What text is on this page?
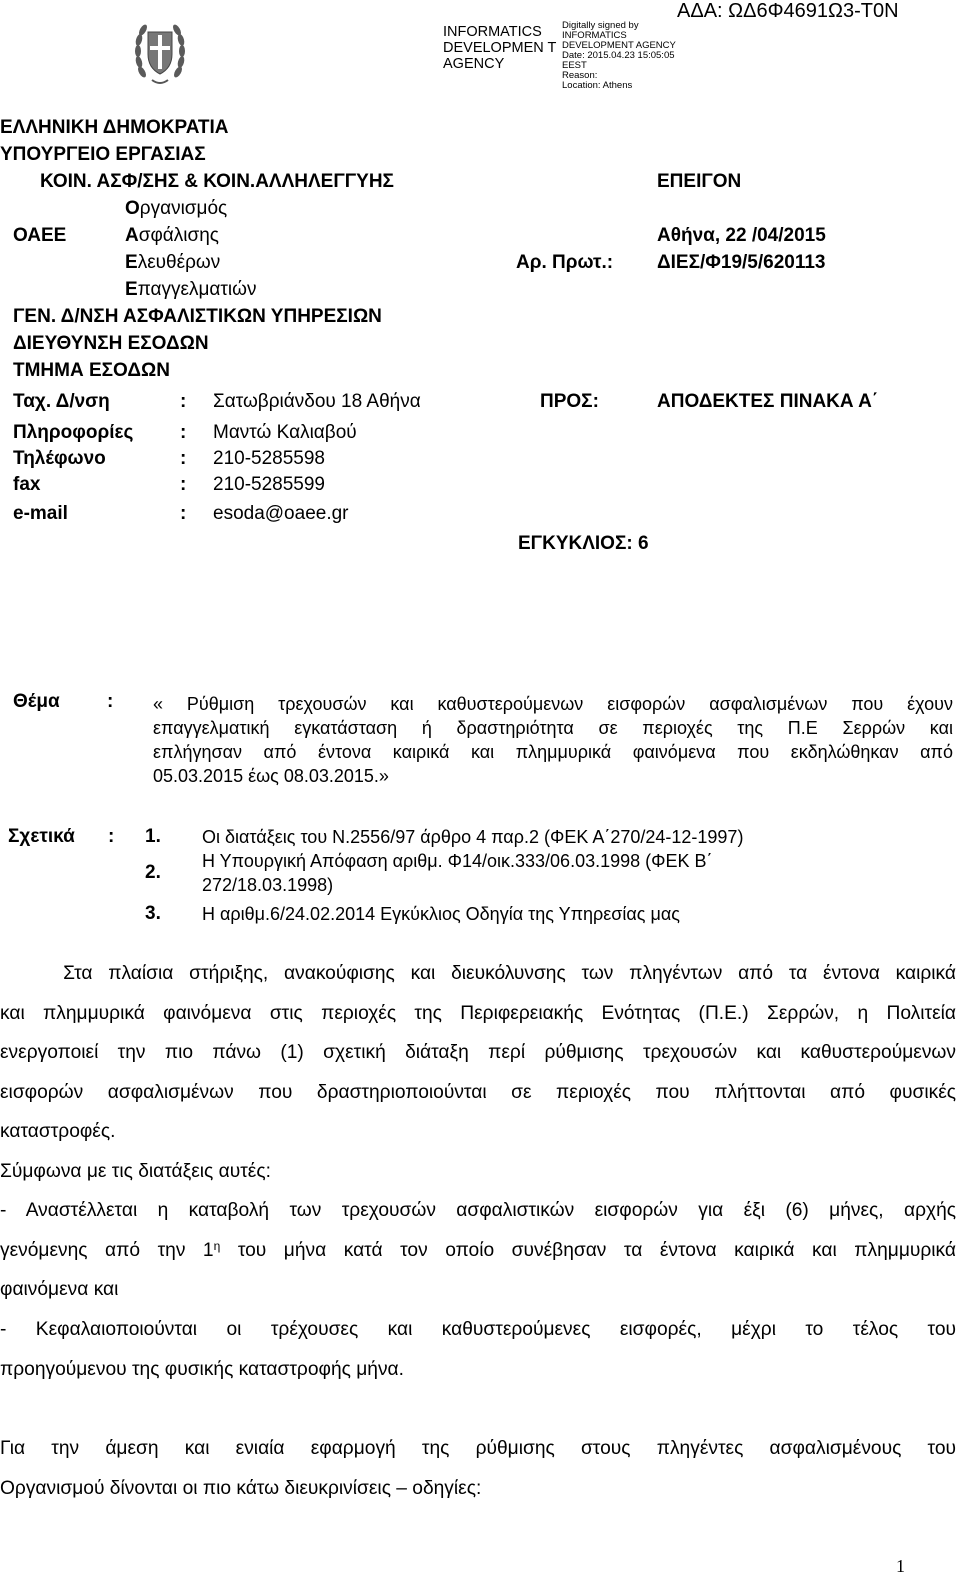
INFORMATICS DEVELOPMEN T AGENCY
Digitally signed by
INFORMATICS
DEVELOPMENT AGENCY
Date: 2015.04.23 15:05:05
EEST
Reason:
Location: Athens
ΑΔΑ: ΩΔ6Φ4691Ω3-Τ0Ν
ΕΛΛΗΝΙΚΗ ΔΗΜΟΚΡΑΤΙΑ
ΥΠΟΥΡΓΕΙΟ ΕΡΓΑΣΙΑΣ
ΚΟΙΝ. ΑΣΦ/ΣΗΣ & ΚΟΙΝ.ΑΛΛΗΛΕΓΓΥΗΣ
Οργανισμός
ΟΑΕΕ	Ασφάλισης
Ελευθέρων
Επαγγελματιών
ΓΕΝ. Δ/ΝΣΗ ΑΣΦΑΛΙΣΤΙΚΩΝ ΥΠΗΡΕΣΙΩΝ
ΔΙΕΥΘΥΝΣΗ ΕΣΟΔΩΝ
ΤΜΗΜΑ ΕΣΟΔΩΝ
Ταχ. Δ/νση	: Σατωβριάνδου 18 Αθήνα
Πληροφορίες : Μαντώ Καλιαβού
Τηλέφωνο	: 210-5285598
fax	: 210-5285599
e-mail	: esoda@oaee.gr
ΕΠΕΙΓΟΝ
Αθήνα, 22 /04/2015
Αρ. Πρωτ.: ΔΙΕΣ/Φ19/5/620113
ΠΡΟΣ:	ΑΠΟΔΕΚΤΕΣ ΠΙΝΑΚΑ Α΄
ΕΓΚΥΚΛΙΟΣ: 6
Θέμα : « Ρύθμιση τρεχουσών και καθυστερούμενων εισφορών ασφαλισμένων που έχουν
επαγγελματική εγκατάσταση ή δραστηριότητα σε περιοχές της Π.Ε Σερρών και
επλήγησαν από έντονα καιρικά και πλημμυρικά φαινόμενα που εκδηλώθηκαν από
05.03.2015 έως 08.03.2015.»
Σχετικά : 1. Οι διατάξεις του Ν.2556/97 άρθρο 4 παρ.2 (ΦΕΚ Α΄270/24-12-1997)
2.
Η Υπουργική Απόφαση αριθμ. Φ14/οικ.333/06.03.1998 (ΦΕΚ Β΄
272/18.03.1998)
3. Η αριθμ.6/24.02.2014 Εγκύκλιος Οδηγία της Υπηρεσίας μας
Στα πλαίσια στήριξης, ανακούφισης και διευκόλυνσης των πληγέντων από τα έντονα καιρικά
και πλημμυρικά φαινόμενα στις περιοχές της Περιφερειακής Ενότητας (Π.Ε.) Σερρών, η Πολιτεία
ενεργοποιεί την πιο πάνω (1) σχετική διάταξη περί ρύθμισης τρεχουσών και καθυστερούμενων
εισφορών ασφαλισμένων που δραστηριοποιούνται σε περιοχές που πλήττονται από φυσικές
καταστροφές.
Σύμφωνα με τις διατάξεις αυτές:
- Αναστέλλεται η καταβολή των τρεχουσών ασφαλιστικών εισφορών για έξι (6) μήνες, αρχής
γενόμενης από την $1^\eta$ του μήνα κατά τον οποίο συνέβησαν τα έντονα καιρικά και πλημμυρικά
φαινόμενα και
- Κεφαλαιοποιούνται οι τρέχουσες και καθυστερούμενες εισφορές, μέχρι το τέλος του
προηγούμενου της φυσικής καταστροφής μήνα.
Για την άμεση και ενιαία εφαρμογή της ρύθμισης στους πληγέντες ασφαλισμένους του
Οργανισμού δίνονται οι πιο κάτω διευκρινίσεις – οδηγίες:
1
